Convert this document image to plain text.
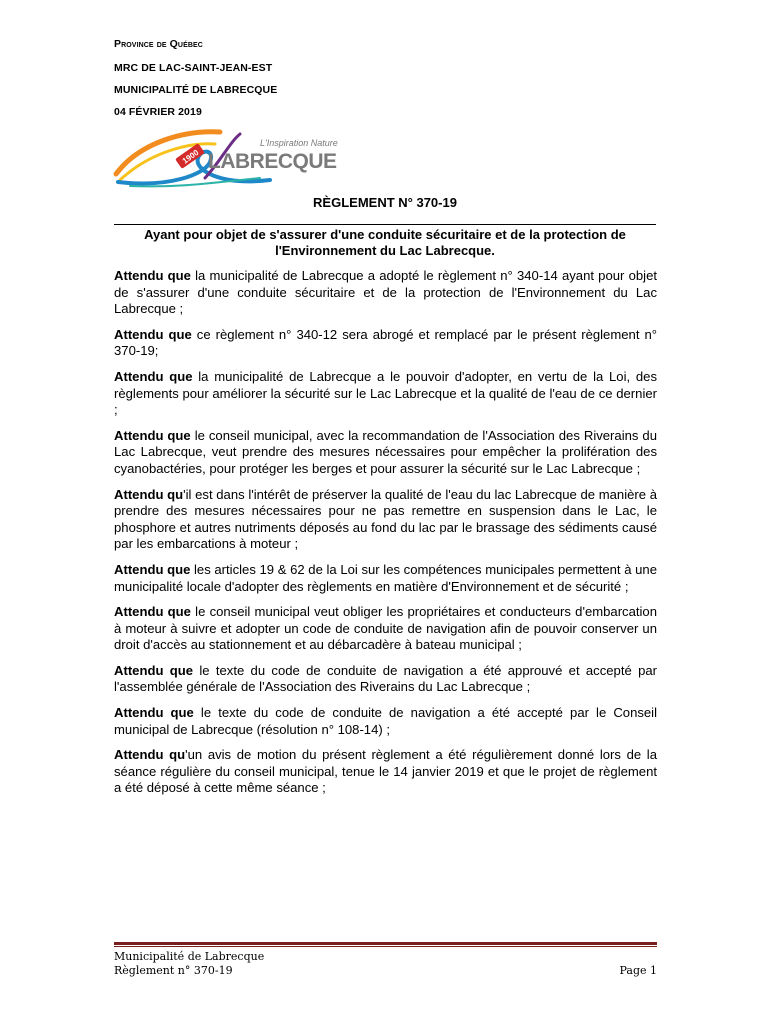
Province de Québec
MRC DE LAC-SAINT-JEAN-EST
MUNICIPALITÉ DE LABRECQUE
04 FÉVRIER 2019
1900
L'Inspiration Nature
LABRECQUE
RÈGLEMENT N° 370-19
Ayant pour objet de s'assurer d'une conduite sécuritaire et de la protection de l'Environnement du Lac Labrecque.

Attendu que la municipalité de Labrecque a adopté le règlement n° 340-14 ayant pour objet de s'assurer d'une conduite sécuritaire et de la protection de l'Environnement du Lac Labrecque ;

Attendu que ce règlement n° 340-12 sera abrogé et remplacé par le présent règlement n° 370-19;

Attendu que la municipalité de Labrecque a le pouvoir d'adopter, en vertu de la Loi, des règlements pour améliorer la sécurité sur le Lac Labrecque et la qualité de l'eau de ce dernier ;

Attendu que le conseil municipal, avec la recommandation de l'Association des Riverains du Lac Labrecque, veut prendre des mesures nécessaires pour empêcher la prolifération des cyanobactéries, pour protéger les berges et pour assurer la sécurité sur le Lac Labrecque ;

Attendu qu'il est dans l'intérêt de préserver la qualité de l'eau du lac Labrecque de manière à prendre des mesures nécessaires pour ne pas remettre en suspension dans le Lac, le phosphore et autres nutriments déposés au fond du lac par le brassage des sédiments causé par les embarcations à moteur ;

Attendu que les articles 19 & 62 de la Loi sur les compétences municipales permettent à une municipalité locale d'adopter des règlements en matière d'Environnement et de sécurité ;

Attendu que le conseil municipal veut obliger les propriétaires et conducteurs d'embarcation à moteur à suivre et adopter un code de conduite de navigation afin de pouvoir conserver un droit d'accès au stationnement et au débarcadère à bateau municipal ;

Attendu que le texte du code de conduite de navigation a été approuvé et accepté par l'assemblée générale de l'Association des Riverains du Lac Labrecque ;

Attendu que le texte du code de conduite de navigation a été accepté par le Conseil municipal de Labrecque (résolution n° 108-14) ;

Attendu qu'un avis de motion du présent règlement a été régulièrement donné lors de la séance régulière du conseil municipal, tenue le 14 janvier 2019 et que le projet de règlement a été déposé à cette même séance ;

Municipalité de Labrecque
Règlement n° 370-19	Page 1
